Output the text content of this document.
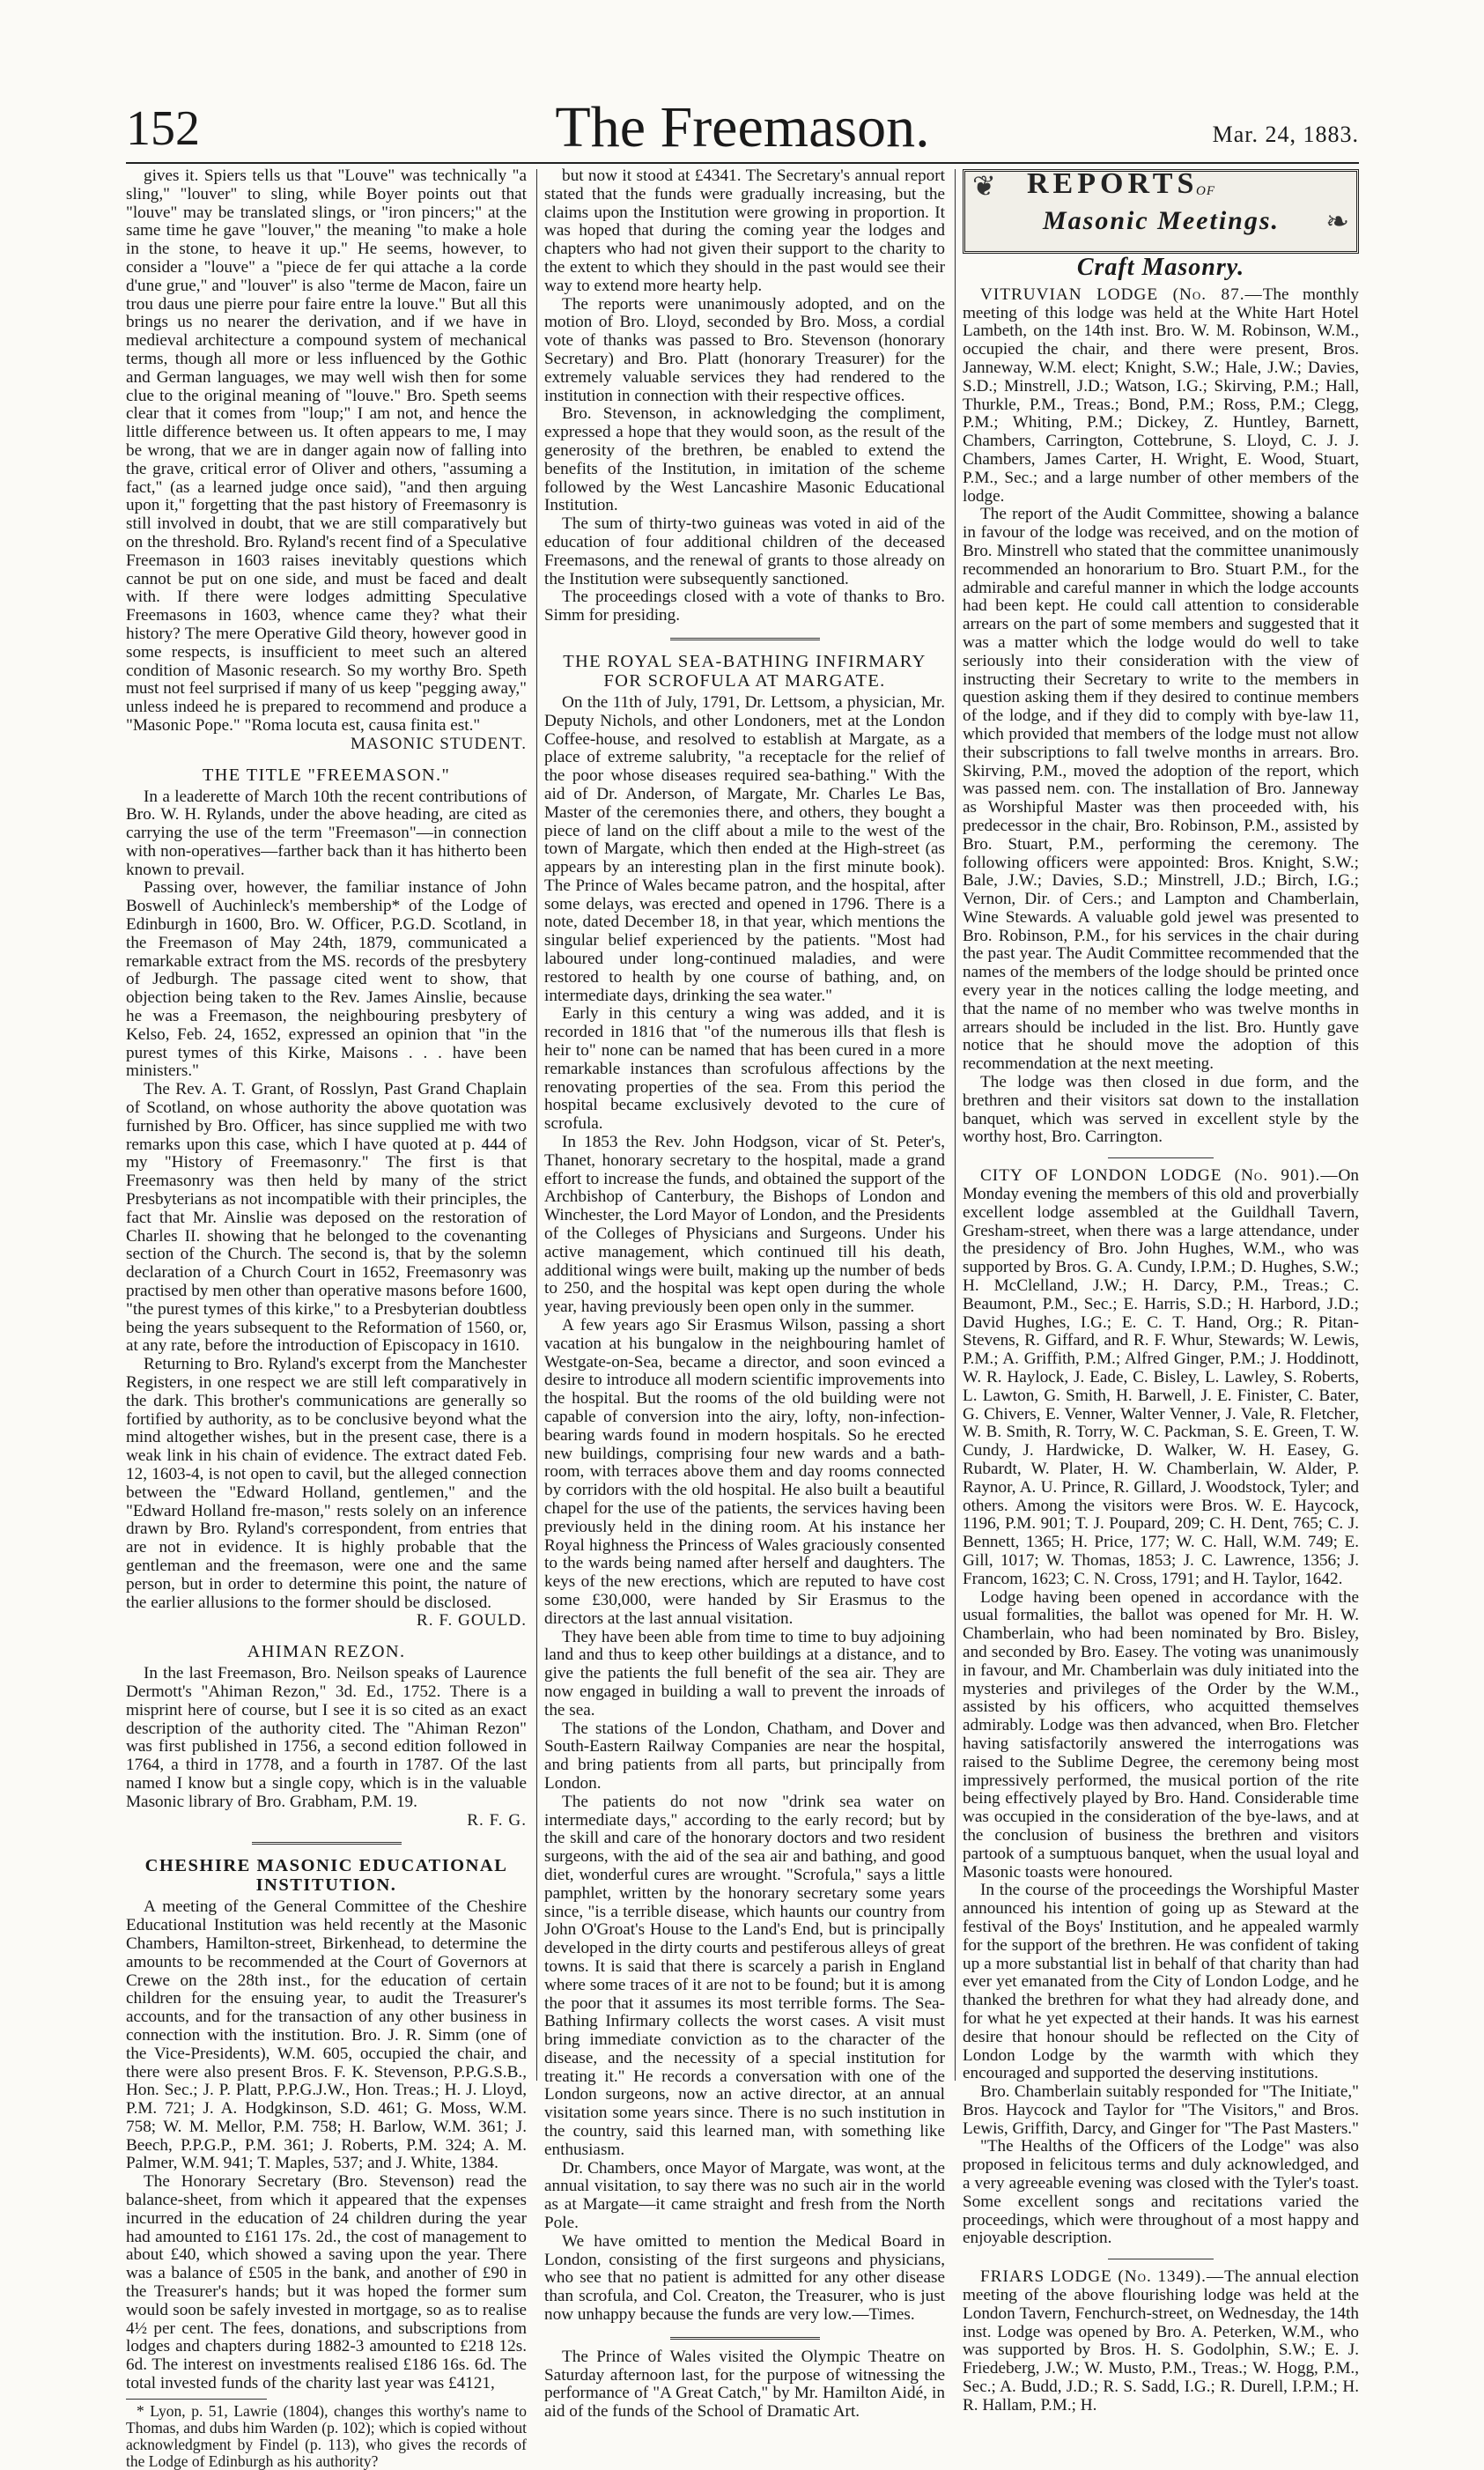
152	The Freemason.	Mar. 24, 1883.

gives it. Spiers tells us that "Louve" was technically "a sling," "louver" to sling, while Boyer points out that "louve" may be translated slings, or "iron pincers;" at the same time he gave "louver," the meaning "to make a hole in the stone, to heave it up." He seems, however, to consider a "louve" a "piece de fer qui attache a la corde d'une grue," and "louver" is also "terme de Macon, faire un trou daus une pierre pour faire entre la louve." But all this brings us no nearer the derivation, and if we have in medieval architecture a compound system of mechanical terms, though all more or less influenced by the Gothic and German languages, we may well wish then for some clue to the original meaning of "louve." Bro. Speth seems clear that it comes from "loup;" I am not, and hence the little difference between us. It often appears to me, I may be wrong, that we are in danger again now of falling into the grave, critical error of Oliver and others, "assuming a fact," (as a learned judge once said), "and then arguing upon it," forgetting that the past history of Freemasonry is still involved in doubt, that we are still comparatively but on the threshold. Bro. Ryland's recent find of a Speculative Freemason in 1603 raises inevitably questions which cannot be put on one side, and must be faced and dealt with. If there were lodges admitting Speculative Freemasons in 1603, whence came they? what their history? The mere Operative Gild theory, however good in some respects, is insufficient to meet such an altered condition of Masonic research. So my worthy Bro. Speth must not feel surprised if many of us keep "pegging away," unless indeed he is prepared to recommend and produce a "Masonic Pope." "Roma locuta est, causa finita est."

MASONIC STUDENT.

THE TITLE "FREEMASON."

In a leaderette of March 10th the recent contributions of Bro. W. H. Rylands, under the above heading, are cited as carrying the use of the term "Freemason"—in connection with non-operatives—farther back than it has hitherto been known to prevail.

Passing over, however, the familiar instance of John Boswell of Auchinleck's membership* of the Lodge of Edinburgh in 1600, Bro. W. Officer, P.G.D. Scotland, in the Freemason of May 24th, 1879, communicated a remarkable extract from the MS. records of the presbytery of Jedburgh. The passage cited went to show, that objection being taken to the Rev. James Ainslie, because he was a Freemason, the neighbouring presbytery of Kelso, Feb. 24, 1652, expressed an opinion that "in the purest tymes of this Kirke, Maisons . . . have been ministers."

The Rev. A. T. Grant, of Rosslyn, Past Grand Chaplain of Scotland, on whose authority the above quotation was furnished by Bro. Officer, has since supplied me with two remarks upon this case, which I have quoted at p. 444 of my "History of Freemasonry." The first is that Freemasonry was then held by many of the strict Presbyterians as not incompatible with their principles, the fact that Mr. Ainslie was deposed on the restoration of Charles II. showing that he belonged to the covenanting section of the Church. The second is, that by the solemn declaration of a Church Court in 1652, Freemasonry was practised by men other than operative masons before 1600, "the purest tymes of this kirke," to a Presbyterian doubtless being the years subsequent to the Reformation of 1560, or, at any rate, before the introduction of Episcopacy in 1610.

Returning to Bro. Ryland's excerpt from the Manchester Registers, in one respect we are still left comparatively in the dark. This brother's communications are generally so fortified by authority, as to be conclusive beyond what the mind altogether wishes, but in the present case, there is a weak link in his chain of evidence. The extract dated Feb. 12, 1603-4, is not open to cavil, but the alleged connection between the "Edward Holland, gentlemen," and the "Edward Holland fre-mason," rests solely on an inference drawn by Bro. Ryland's correspondent, from entries that are not in evidence. It is highly probable that the gentleman and the freemason, were one and the same person, but in order to determine this point, the nature of the earlier allusions to the former should be disclosed.

R. F. GOULD.

AHIMAN REZON.

In the last Freemason, Bro. Neilson speaks of Laurence Dermott's "Ahiman Rezon," 3d. Ed., 1752. There is a misprint here of course, but I see it is so cited as an exact description of the authority cited. The "Ahiman Rezon" was first published in 1756, a second edition followed in 1764, a third in 1778, and a fourth in 1787. Of the last named I know but a single copy, which is in the valuable Masonic library of Bro. Grabham, P.M. 19.

R. F. G.

CHESHIRE MASONIC EDUCATIONAL INSTITUTION.

A meeting of the General Committee of the Cheshire Educational Institution was held recently at the Masonic Chambers, Hamilton-street, Birkenhead, to determine the amounts to be recommended at the Court of Governors at Crewe on the 28th inst., for the education of certain children for the ensuing year, to audit the Treasurer's accounts, and for the transaction of any other business in connection with the institution. Bro. J. R. Simm (one of the Vice-Presidents), W.M. 605, occupied the chair, and there were also present Bros. F. K. Stevenson, P.P.G.S.B., Hon. Sec.; J. P. Platt, P.P.G.J.W., Hon. Treas.; H. J. Lloyd, P.M. 721; J. A. Hodgkinson, S.D. 461; G. Moss, W.M. 758; W. M. Mellor, P.M. 758; H. Barlow, W.M. 361; J. Beech, P.P.G.P., P.M. 361; J. Roberts, P.M. 324; A. M. Palmer, W.M. 941; T. Maples, 537; and J. White, 1384.

The Honorary Secretary (Bro. Stevenson) read the balance-sheet, from which it appeared that the expenses incurred in the education of 24 children during the year had amounted to £161 17s. 2d., the cost of management to about £40, which showed a saving upon the year. There was a balance of £505 in the bank, and another of £90 in the Treasurer's hands; but it was hoped the former sum would soon be safely invested in mortgage, so as to realise 4½ per cent. The fees, donations, and subscriptions from lodges and chapters during 1882-3 amounted to £218 12s. 6d. The interest on investments realised £186 16s. 6d. The total invested funds of the charity last year was £4121,

* Lyon, p. 51, Lawrie (1804), changes this worthy's name to Thomas, and dubs him Warden (p. 102); which is copied without acknowledgment by Findel (p. 113), who gives the records of the Lodge of Edinburgh as his authority?

but now it stood at £4341. The Secretary's annual report stated that the funds were gradually increasing, but the claims upon the Institution were growing in proportion. It was hoped that during the coming year the lodges and chapters who had not given their support to the charity to the extent to which they should in the past would see their way to extend more hearty help.

The reports were unanimously adopted, and on the motion of Bro. Lloyd, seconded by Bro. Moss, a cordial vote of thanks was passed to Bro. Stevenson (honorary Secretary) and Bro. Platt (honorary Treasurer) for the extremely valuable services they had rendered to the institution in connection with their respective offices.

Bro. Stevenson, in acknowledging the compliment, expressed a hope that they would soon, as the result of the generosity of the brethren, be enabled to extend the benefits of the Institution, in imitation of the scheme followed by the West Lancashire Masonic Educational Institution.

The sum of thirty-two guineas was voted in aid of the education of four additional children of the deceased Freemasons, and the renewal of grants to those already on the Institution were subsequently sanctioned.

The proceedings closed with a vote of thanks to Bro. Simm for presiding.

THE ROYAL SEA-BATHING INFIRMARY FOR SCROFULA AT MARGATE.

On the 11th of July, 1791, Dr. Lettsom, a physician, Mr. Deputy Nichols, and other Londoners, met at the London Coffee-house, and resolved to establish at Margate, as a place of extreme salubrity, "a receptacle for the relief of the poor whose diseases required sea-bathing." With the aid of Dr. Anderson, of Margate, Mr. Charles Le Bas, Master of the ceremonies there, and others, they bought a piece of land on the cliff about a mile to the west of the town of Margate, which then ended at the High-street (as appears by an interesting plan in the first minute book). The Prince of Wales became patron, and the hospital, after some delays, was erected and opened in 1796. There is a note, dated December 18, in that year, which mentions the singular belief experienced by the patients. "Most had laboured under long-continued maladies, and were restored to health by one course of bathing, and, on intermediate days, drinking the sea water."

Early in this century a wing was added, and it is recorded in 1816 that "of the numerous ills that flesh is heir to" none can be named that has been cured in a more remarkable instances than scrofulous affections by the renovating properties of the sea. From this period the hospital became exclusively devoted to the cure of scrofula.

In 1853 the Rev. John Hodgson, vicar of St. Peter's, Thanet, honorary secretary to the hospital, made a grand effort to increase the funds, and obtained the support of the Archbishop of Canterbury, the Bishops of London and Winchester, the Lord Mayor of London, and the Presidents of the Colleges of Physicians and Surgeons. Under his active management, which continued till his death, additional wings were built, making up the number of beds to 250, and the hospital was kept open during the whole year, having previously been open only in the summer.

A few years ago Sir Erasmus Wilson, passing a short vacation at his bungalow in the neighbouring hamlet of Westgate-on-Sea, became a director, and soon evinced a desire to introduce all modern scientific improvements into the hospital. But the rooms of the old building were not capable of conversion into the airy, lofty, non-infection-bearing wards found in modern hospitals. So he erected new buildings, comprising four new wards and a bath-room, with terraces above them and day rooms connected by corridors with the old hospital. He also built a beautiful chapel for the use of the patients, the services having been previously held in the dining room. At his instance her Royal highness the Princess of Wales graciously consented to the wards being named after herself and daughters. The keys of the new erections, which are reputed to have cost some £30,000, were handed by Sir Erasmus to the directors at the last annual visitation.

They have been able from time to time to buy adjoining land and thus to keep other buildings at a distance, and to give the patients the full benefit of the sea air. They are now engaged in building a wall to prevent the inroads of the sea.

The stations of the London, Chatham, and Dover and South-Eastern Railway Companies are near the hospital, and bring patients from all parts, but principally from London.

The patients do not now "drink sea water on intermediate days," according to the early record; but by the skill and care of the honorary doctors and two resident surgeons, with the aid of the sea air and bathing, and good diet, wonderful cures are wrought. "Scrofula," says a little pamphlet, written by the honorary secretary some years since, "is a terrible disease, which haunts our country from John O'Groat's House to the Land's End, but is principally developed in the dirty courts and pestiferous alleys of great towns. It is said that there is scarcely a parish in England where some traces of it are not to be found; but it is among the poor that it assumes its most terrible forms. The Sea-Bathing Infirmary collects the worst cases. A visit must bring immediate conviction as to the character of the disease, and the necessity of a special institution for treating it." He records a conversation with one of the London surgeons, now an active director, at an annual visitation some years since. There is no such institution in the country, said this learned man, with something like enthusiasm.

Dr. Chambers, once Mayor of Margate, was wont, at the annual visitation, to say there was no such air in the world as at Margate—it came straight and fresh from the North Pole.

We have omitted to mention the Medical Board in London, consisting of the first surgeons and physicians, who see that no patient is admitted for any other disease than scrofula, and Col. Creaton, the Treasurer, who is just now unhappy because the funds are very low.—Times.

The Prince of Wales visited the Olympic Theatre on Saturday afternoon last, for the purpose of witnessing the performance of "A Great Catch," by Mr. Hamilton Aidé, in aid of the funds of the School of Dramatic Art.

❦
❧
REPORTS
OF
Masonic Meetings.
Craft Masonry.

VITRUVIAN LODGE (No. 87.—The monthly meeting of this lodge was held at the White Hart Hotel Lambeth, on the 14th inst. Bro. W. M. Robinson, W.M., occupied the chair, and there were present, Bros. Janneway, W.M. elect; Knight, S.W.; Hale, J.W.; Davies, S.D.; Minstrell, J.D.; Watson, I.G.; Skirving, P.M.; Hall, Thurkle, P.M., Treas.; Bond, P.M.; Ross, P.M.; Clegg, P.M.; Whiting, P.M.; Dickey, Z. Huntley, Barnett, Chambers, Carrington, Cottebrune, S. Lloyd, C. J. J. Chambers, James Carter, H. Wright, E. Wood, Stuart, P.M., Sec.; and a large number of other members of the lodge.

The report of the Audit Committee, showing a balance in favour of the lodge was received, and on the motion of Bro. Minstrell who stated that the committee unanimously recommended an honorarium to Bro. Stuart P.M., for the admirable and careful manner in which the lodge accounts had been kept. He could call attention to considerable arrears on the part of some members and suggested that it was a matter which the lodge would do well to take seriously into their consideration with the view of instructing their Secretary to write to the members in question asking them if they desired to continue members of the lodge, and if they did to comply with bye-law 11, which provided that members of the lodge must not allow their subscriptions to fall twelve months in arrears. Bro. Skirving, P.M., moved the adoption of the report, which was passed nem. con. The installation of Bro. Janneway as Worshipful Master was then proceeded with, his predecessor in the chair, Bro. Robinson, P.M., assisted by Bro. Stuart, P.M., performing the ceremony. The following officers were appointed: Bros. Knight, S.W.; Bale, J.W.; Davies, S.D.; Minstrell, J.D.; Birch, I.G.; Vernon, Dir. of Cers.; and Lampton and Chamberlain, Wine Stewards. A valuable gold jewel was presented to Bro. Robinson, P.M., for his services in the chair during the past year. The Audit Committee recommended that the names of the members of the lodge should be printed once every year in the notices calling the lodge meeting, and that the name of no member who was twelve months in arrears should be included in the list. Bro. Huntly gave notice that he should move the adoption of this recommendation at the next meeting.

The lodge was then closed in due form, and the brethren and their visitors sat down to the installation banquet, which was served in excellent style by the worthy host, Bro. Carrington.

CITY OF LONDON LODGE (No. 901).—On Monday evening the members of this old and proverbially excellent lodge assembled at the Guildhall Tavern, Gresham-street, when there was a large attendance, under the presidency of Bro. John Hughes, W.M., who was supported by Bros. G. A. Cundy, I.P.M.; D. Hughes, S.W.; H. McClelland, J.W.; H. Darcy, P.M., Treas.; C. Beaumont, P.M., Sec.; E. Harris, S.D.; H. Harbord, J.D.; David Hughes, I.G.; E. C. T. Hand, Org.; R. Pitan-Stevens, R. Giffard, and R. F. Whur, Stewards; W. Lewis, P.M.; A. Griffith, P.M.; Alfred Ginger, P.M.; J. Hoddinott, W. R. Haylock, J. Eade, C. Bisley, L. Lawley, S. Roberts, L. Lawton, G. Smith, H. Barwell, J. E. Finister, C. Bater, G. Chivers, E. Venner, Walter Venner, J. Vale, R. Fletcher, W. B. Smith, R. Torry, W. C. Packman, S. E. Green, T. W. Cundy, J. Hardwicke, D. Walker, W. H. Easey, G. Rubardt, W. Plater, H. W. Chamberlain, W. Alder, P. Raynor, A. U. Prince, R. Gillard, J. Woodstock, Tyler; and others. Among the visitors were Bros. W. E. Haycock, 1196, P.M. 901; T. J. Poupard, 209; C. H. Dent, 765; C. J. Bennett, 1365; H. Price, 177; W. C. Hall, W.M. 749; E. Gill, 1017; W. Thomas, 1853; J. C. Lawrence, 1356; J. Francom, 1623; C. N. Cross, 1791; and H. Taylor, 1642.

Lodge having been opened in accordance with the usual formalities, the ballot was opened for Mr. H. W. Chamberlain, who had been nominated by Bro. Bisley, and seconded by Bro. Easey. The voting was unanimously in favour, and Mr. Chamberlain was duly initiated into the mysteries and privileges of the Order by the W.M., assisted by his officers, who acquitted themselves admirably. Lodge was then advanced, when Bro. Fletcher having satisfactorily answered the interrogations was raised to the Sublime Degree, the ceremony being most impressively performed, the musical portion of the rite being effectively played by Bro. Hand. Considerable time was occupied in the consideration of the bye-laws, and at the conclusion of business the brethren and visitors partook of a sumptuous banquet, when the usual loyal and Masonic toasts were honoured.

In the course of the proceedings the Worshipful Master announced his intention of going up as Steward at the festival of the Boys' Institution, and he appealed warmly for the support of the brethren. He was confident of taking up a more substantial list in behalf of that charity than had ever yet emanated from the City of London Lodge, and he thanked the brethren for what they had already done, and for what he yet expected at their hands. It was his earnest desire that honour should be reflected on the City of London Lodge by the warmth with which they encouraged and supported the deserving institutions.

Bro. Chamberlain suitably responded for "The Initiate," Bros. Haycock and Taylor for "The Visitors," and Bros. Lewis, Griffith, Darcy, and Ginger for "The Past Masters."

"The Healths of the Officers of the Lodge" was also proposed in felicitous terms and duly acknowledged, and a very agreeable evening was closed with the Tyler's toast. Some excellent songs and recitations varied the proceedings, which were throughout of a most happy and enjoyable description.

FRIARS LODGE (No. 1349).—The annual election meeting of the above flourishing lodge was held at the London Tavern, Fenchurch-street, on Wednesday, the 14th inst. Lodge was opened by Bro. A. Peterken, W.M., who was supported by Bros. H. S. Godolphin, S.W.; E. J. Friedeberg, J.W.; W. Musto, P.M., Treas.; W. Hogg, P.M., Sec.; A. Budd, J.D.; R. S. Sadd, I.G.; R. Durell, I.P.M.; H. R. Hallam, P.M.; H.
